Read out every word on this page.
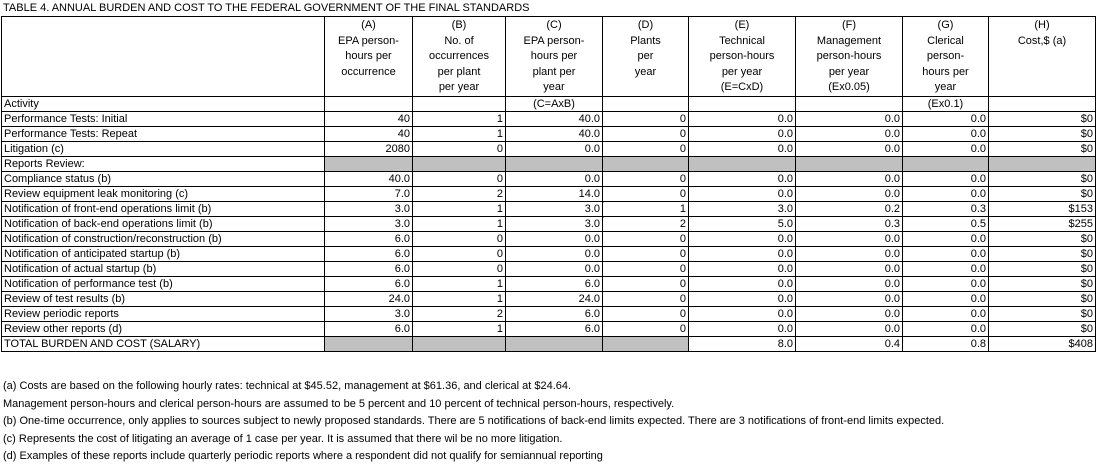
TABLE 4. ANNUAL BURDEN AND COST TO THE FEDERAL GOVERNMENT OF THE FINAL STANDARDS

	(A)
EPA person-
hours per
occurrence	(B)
No. of
occurrences
per plant
per year	(C)
EPA person-
hours per
plant per
year	(D)
Plants
per
year	(E)
Technical
person-hours
per year
(E=CxD)	(F)
Management
person-hours
per year
(Ex0.05)	(G)
Clerical
person-
hours per
year	(H)
Cost,$ (a)

Activity			(C=AxB)				(Ex0.1)	
Performance Tests: Initial	40	1	40.0	0	0.0	0.0	0.0	$0
Performance Tests: Repeat	40	1	40.0	0	0.0	0.0	0.0	$0
Litigation (c)	2080	0	0.0	0	0.0	0.0	0.0	$0
Reports Review:								
Compliance status (b)	40.0	0	0.0	0	0.0	0.0	0.0	$0
Review equipment leak monitoring (c)	7.0	2	14.0	0	0.0	0.0	0.0	$0
Notification of front-end operations limit (b)	3.0	1	3.0	1	3.0	0.2	0.3	$153
Notification of back-end operations limit (b)	3.0	1	3.0	2	5.0	0.3	0.5	$255
Notification of construction/reconstruction (b)	6.0	0	0.0	0	0.0	0.0	0.0	$0
Notification of anticipated startup (b)	6.0	0	0.0	0	0.0	0.0	0.0	$0
Notification of actual startup (b)	6.0	0	0.0	0	0.0	0.0	0.0	$0
Notification of performance test (b)	6.0	1	6.0	0	0.0	0.0	0.0	$0
Review of test results (b)	24.0	1	24.0	0	0.0	0.0	0.0	$0
Review periodic reports	3.0	2	6.0	0	0.0	0.0	0.0	$0
Review other reports (d)	6.0	1	6.0	0	0.0	0.0	0.0	$0
TOTAL BURDEN AND COST (SALARY)					8.0	0.4	0.8	$408
(a) Costs are based on the following hourly rates: technical at $45.52, management at $61.36, and clerical at $24.64.
Management person-hours and clerical person-hours are assumed to be 5 percent and 10 percent of technical person-hours, respectively.
(b) One-time occurrence, only applies to sources subject to newly proposed standards. There are 5 notifications of back-end limits expected. There are 3 notifications of front-end limits expected.
(c) Represents the cost of litigating an average of 1 case per year. It is assumed that there wil be no more litigation.
(d) Examples of these reports include quarterly periodic reports where a respondent did not qualify for semiannual reporting
